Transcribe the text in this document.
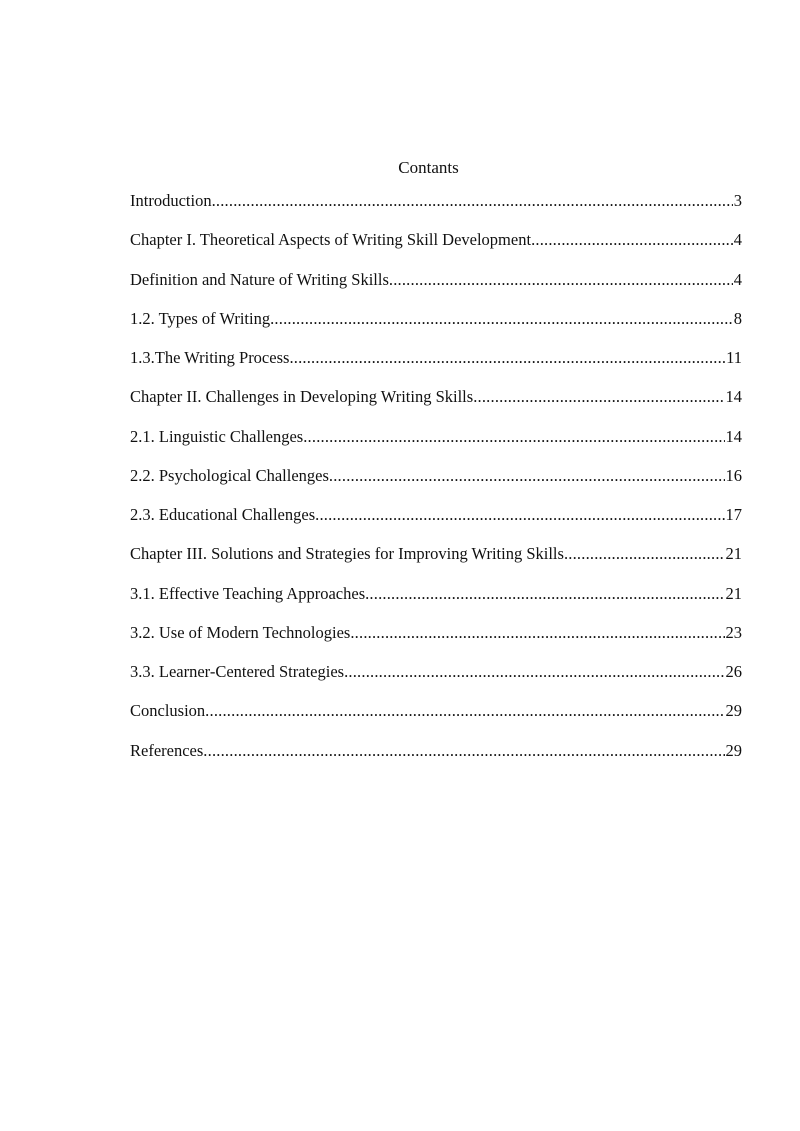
Contants
Introduction .....	3
Chapter I. Theoretical Aspects of Writing Skill Development .....	4
Definition and Nature of Writing Skills .....	4
1.2. Types of Writing .....	8
1.3.The Writing Process .....	11
Chapter II. Challenges in Developing Writing Skills .....	14
2.1. Linguistic Challenges .....	14
2.2. Psychological Challenges .....	16
2.3. Educational Challenges .....	17
Chapter III. Solutions and Strategies for Improving Writing Skills .....	21
3.1. Effective Teaching Approaches .....	21
3.2. Use of Modern Technologies .....	23
3.3. Learner-Centered Strategies .....	26
Conclusion .....	29
References .....	29
